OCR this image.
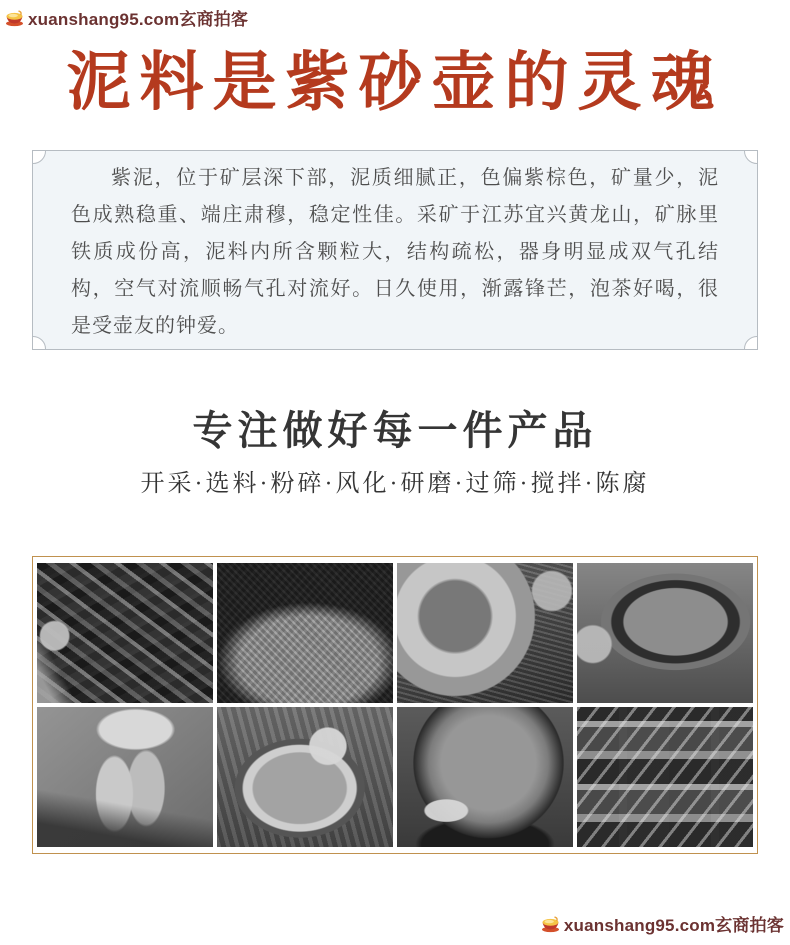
xuanshang95.com玄商拍客
泥料是紫砂壶的灵魂

紫泥，位于矿层深下部，泥质细腻正，色偏紫棕色，矿量少，泥色成熟稳重、端庄肃穆，稳定性佳。采矿于江苏宜兴黄龙山，矿脉里铁质成份高，泥料内所含颗粒大，结构疏松，器身明显成双气孔结构，空气对流顺畅气孔对流好。日久使用，渐露锋芒，泡茶好喝，很是受壶友的钟爱。

专注做好每一件产品
开采·选料·粉碎·风化·研磨·过筛·搅拌·陈腐
xuanshang95.com玄商拍客
